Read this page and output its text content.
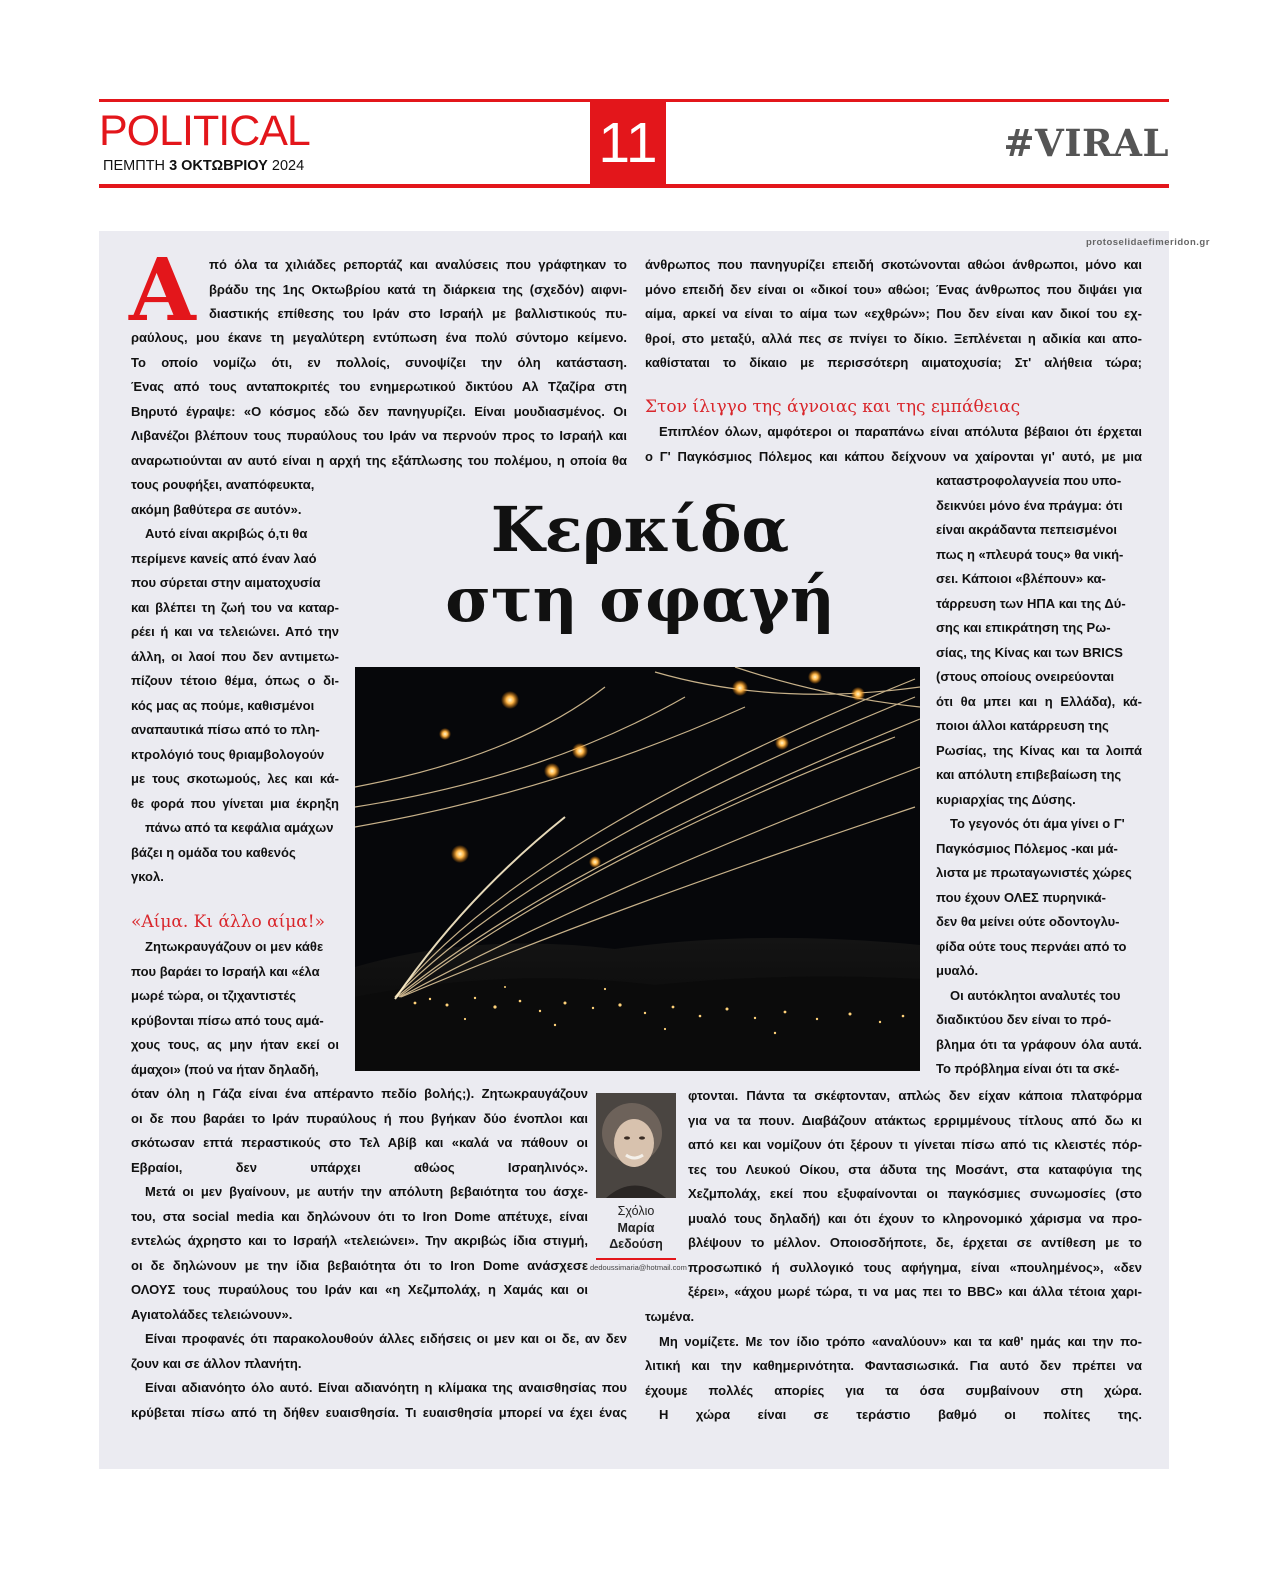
POLITICAL
ΠΕΜΠΤΗ 3 ΟΚΤΩΒΡΙΟΥ 2024	11	#VIRAL
protoselidaefimeridon.gr
Α πό όλα τα χιλιάδες ρεπορτάζ και αναλύσεις που γράφτηκαν το
βράδυ της 1ης Οκτωβρίου κατά τη διάρκεια της (σχεδόν) αιφνι-
διαστικής επίθεσης του Ιράν στο Ισραήλ με βαλλιστικούς πυ-
ραύλους, μου έκανε τη μεγαλύτερη εντύπωση ένα πολύ σύντομο κείμενο.
Το οποίο νομίζω ότι, εν πολλοίς, συνοψίζει την όλη κατάσταση.
Ένας από τους ανταποκριτές του ενημερωτικού δικτύου Αλ Τζαζίρα στη
Βηρυτό έγραψε: «Ο κόσμος εδώ δεν πανηγυρίζει. Είναι μουδιασμένος. Οι
Λιβανέζοι βλέπουν τους πυραύλους του Ιράν να περνούν προς το Ισραήλ και
αναρωτιούνται αν αυτό είναι η αρχή της εξάπλωσης του πολέμου, η οποία θα
τους ρουφήξει, αναπόφευκτα,
ακόμη βαθύτερα σε αυτόν».
Αυτό είναι ακριβώς ό,τι θα
περίμενε κανείς από έναν λαό
που σύρεται στην αιματοχυσία
και βλέπει τη ζωή του να καταρ-
ρέει ή και να τελειώνει. Από την
άλλη, οι λαοί που δεν αντιμετω-
πίζουν τέτοιο θέμα, όπως ο δι-
κός μας ας πούμε, καθισμένοι
αναπαυτικά πίσω από το πλη-
κτρολόγιό τους θριαμβολογούν
με τους σκοτωμούς, λες και κά-
θε φορά που γίνεται μια έκρηξη
πάνω από τα κεφάλια αμάχων
βάζει η ομάδα του καθενός
γκολ.
«Αίμα. Κι άλλο αίμα!»
Ζητωκραυγάζουν οι μεν κάθε
που βαράει το Ισραήλ και «έλα
μωρέ τώρα, οι τζιχαντιστές
κρύβονται πίσω από τους αμά-
χους τους, ας μην ήταν εκεί οι
άμαχοι» (πού να ήταν δηλαδή,
όταν όλη η Γάζα είναι ένα απέραντο πεδίο βολής;). Ζητωκραυγάζουν
οι δε που βαράει το Ιράν πυραύλους ή που βγήκαν δύο ένοπλοι και
σκότωσαν επτά περαστικούς στο Τελ Αβίβ και «καλά να πάθουν οι
Εβραίοι, δεν υπάρχει αθώος Ισραηλινός».
Μετά οι μεν βγαίνουν, με αυτήν την απόλυτη βεβαιότητα του άσχε-
του, στα social media και δηλώνουν ότι το Iron Dome απέτυχε, είναι
εντελώς άχρηστο και το Ισραήλ «τελειώνει». Την ακριβώς ίδια στιγμή,
οι δε δηλώνουν με την ίδια βεβαιότητα ότι το Iron Dome ανάσχεσε
ΟΛΟΥΣ τους πυραύλους του Ιράν και «η Χεζμπολάχ, η Χαμάς και οι
Αγιατολάδες τελειώνουν».
Είναι προφανές ότι παρακολουθούν άλλες ειδήσεις οι μεν και οι δε, αν δεν
ζουν και σε άλλον πλανήτη.
Είναι αδιανόητο όλο αυτό. Είναι αδιανόητη η κλίμακα της αναισθησίας που
κρύβεται πίσω από τη δήθεν ευαισθησία. Τι ευαισθησία μπορεί να έχει ένας
άνθρωπος που πανηγυρίζει επειδή σκοτώνονται αθώοι άνθρωποι, μόνο και
μόνο επειδή δεν είναι οι «δικοί του» αθώοι; Ένας άνθρωπος που διψάει για
αίμα, αρκεί να είναι το αίμα των «εχθρών»; Που δεν είναι καν δικοί του εχ-
θροί, στο μεταξύ, αλλά πες σε πνίγει το δίκιο. Ξεπλένεται η αδικία και απο-
καθίσταται το δίκαιο με περισσότερη αιματοχυσία; Στ' αλήθεια τώρα;
Στον ίλιγγο της άγνοιας και της εμπάθειας
Επιπλέον όλων, αμφότεροι οι παραπάνω είναι απόλυτα βέβαιοι ότι έρχεται
ο Γ' Παγκόσμιος Πόλεμος και κάπου δείχνουν να χαίρονται γι' αυτό, με μια
καταστροφολαγνεία που υπο-
δεικνύει μόνο ένα πράγμα: ότι
είναι ακράδαντα πεπεισμένοι
πως η «πλευρά τους» θα νική-
σει. Κάποιοι «βλέπουν» κα-
τάρρευση των ΗΠΑ και της Δύ-
σης και επικράτηση της Ρω-
σίας, της Κίνας και των BRICS
(στους οποίους ονειρεύονται
ότι θα μπει και η Ελλάδα), κά-
ποιοι άλλοι κατάρρευση της
Ρωσίας, της Κίνας και τα λοιπά
και απόλυτη επιβεβαίωση της
κυριαρχίας της Δύσης.
Το γεγονός ότι άμα γίνει ο Γ'
Παγκόσμιος Πόλεμος -και μά-
λιστα με πρωταγωνιστές χώρες
που έχουν ΟΛΕΣ πυρηνικά-
δεν θα μείνει ούτε οδοντογλυ-
φίδα ούτε τους περνάει από το
μυαλό.
Οι αυτόκλητοι αναλυτές του
διαδικτύου δεν είναι το πρό-
βλημα ότι τα γράφουν όλα αυτά.
Το πρόβλημα είναι ότι τα σκέ-
φτονται. Πάντα τα σκέφτονταν, απλώς δεν είχαν κάποια πλατφόρμα
για να τα πουν. Διαβάζουν ατάκτως ερριμμένους τίτλους από δω κι
από κει και νομίζουν ότι ξέρουν τι γίνεται πίσω από τις κλειστές πόρ-
τες του Λευκού Οίκου, στα άδυτα της Μοσάντ, στα καταφύγια της
Χεζμπολάχ, εκεί που εξυφαίνονται οι παγκόσμιες συνωμοσίες (στο
μυαλό τους δηλαδή) και ότι έχουν το κληρονομικό χάρισμα να προ-
βλέψουν το μέλλον. Οποιοσδήποτε, δε, έρχεται σε αντίθεση με το
προσωπικό ή συλλογικό τους αφήγημα, είναι «πουλημένος», «δεν
ξέρει», «άχου μωρέ τώρα, τι να μας πει το BBC» και άλλα τέτοια χαρι-
τωμένα.
Μη νομίζετε. Με τον ίδιο τρόπο «αναλύουν» και τα καθ' ημάς και την πο-
λιτική και την καθημερινότητα. Φαντασιωσικά. Για αυτό δεν πρέπει να
έχουμε πολλές απορίες για τα όσα συμβαίνουν στη χώρα.
Η χώρα είναι σε τεράστιο βαθμό οι πολίτες της.
Κερκίδα
στη σφαγή
Σχόλιο
Μαρία
Δεδούση
dedoussimaria@hotmail.com
